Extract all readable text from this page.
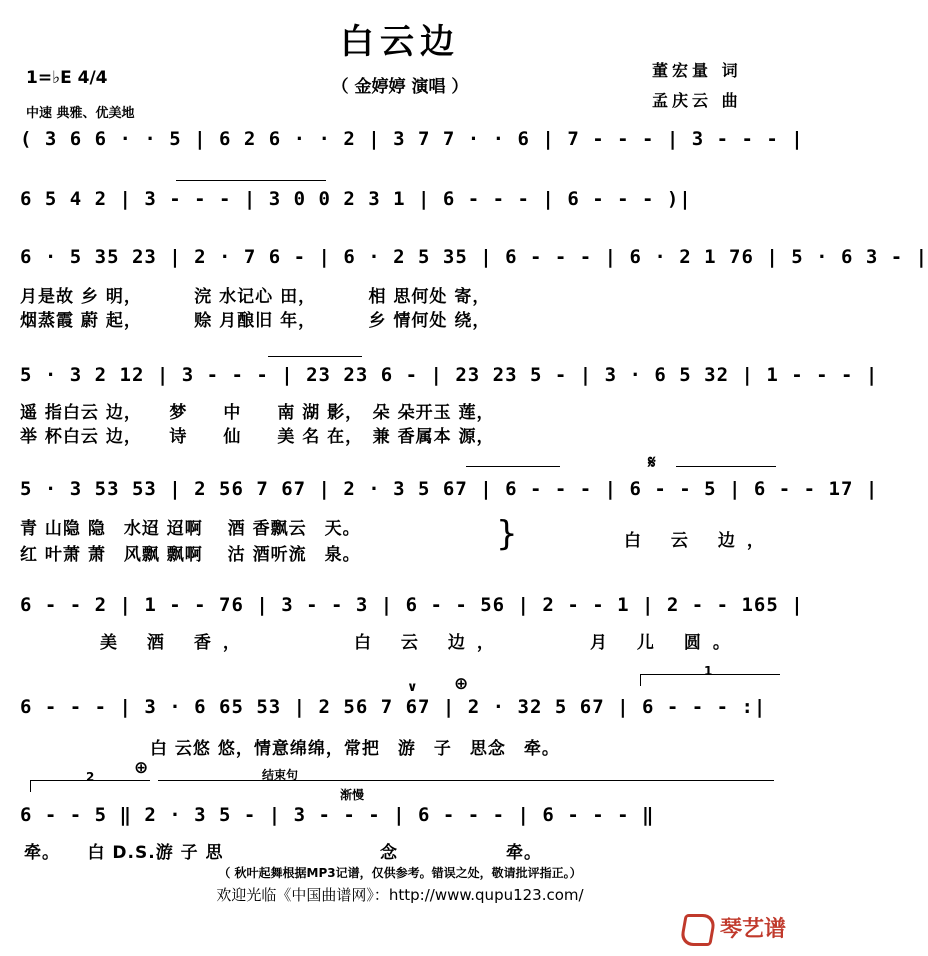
白云边
（ 金婷婷 演唱 ）
董宏量 词
孟庆云 曲
1=♭E 4/4
中速 典雅、优美地
( 3 6 6 · · 5 | 6 2 6 · · 2 | 3 7 7 · · 6 | 7 - - - | 3 - - - |
6 5 4 2 | 3 - - - | 3 0 0 2 3 1 | 6 - - - | 6 - - - )|
6 · 5 35 23 | 2 · 7 6 - | 6 · 2 5 35 | 6 - - - | 6 · 2 1 76 | 5 · 6 3 - |
月是故 乡 明，　　　 浣 水记心 田，　　　 相 思何处 寄，
烟蒸霞 蔚 起，　　　 赊 月酿旧 年，　　　 乡 情何处 绕，
5 · 3 2 12 | 3 - - - | 23 23 6 - | 23 23 5 - | 3 · 6 5 32 | 1 - - - |
遥 指白云 边，　　梦　　中　　南 湖 影，　朵 朵开玉 莲，
举 杯白云 边，　　诗　　仙　　美 名 在，　兼 香属本 源，
𝄋
5 · 3 53 53 | 2 56 7 67 | 2 · 3 5 67 | 6 - - - | 6 - - 5 | 6 - - 17 |
青 山隐 隐　水迢 迢啊　 酒 香飘云　天。
红 叶萧 萧　风飘 飘啊　 沽 酒听流　泉。
}	白 云 边，
6 - - 2 | 1 - - 76 | 3 - - 3 | 6 - - 56 | 2 - - 1 | 2 - - 165 |
美 酒 香，	白 云 边，	月 儿 圆。
1
∨ ⊕
6 - - - | 3 · 6 65 53 | 2 56 7 67 | 2 · 32 5 67 | 6 - - - :|
白 云悠 悠，情意绵绵，常把　游　子　思念　牵。
2 ⊕	结束句
渐慢
6 - - 5 ‖ 2 · 3 5 - | 3 - - - | 6 - - - | 6 - - - ‖
牵。　　白 D.S.游 子 思	念	牵。
（ 秋叶起舞根据MP3记谱，仅供参考。错误之处，敬请批评指正。）
欢迎光临《中国曲谱网》：http://www.qupu123.com/
琴艺谱
